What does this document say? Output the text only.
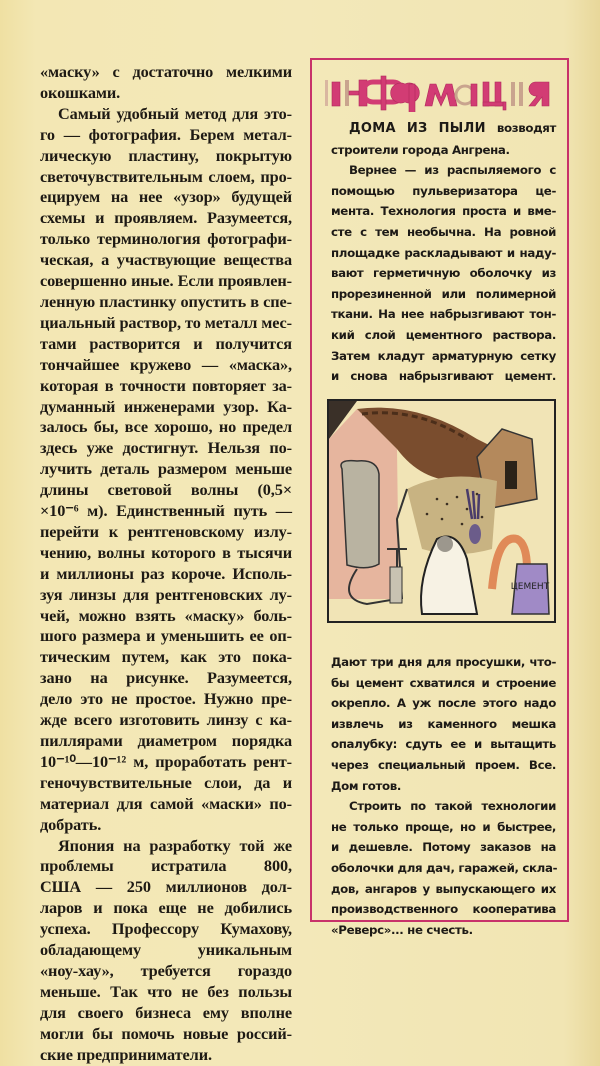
«маску» с достаточно мелкими
окошками.
Самый удобный метод для это-
го — фотография. Берем метал-
лическую пластину, покрытую
светочувствительным слоем, про-
ецируем на нее «узор» будущей
схемы и проявляем. Разумеется,
только терминология фотографи-
ческая, а участвующие вещества
совершенно иные. Если проявлен-
ленную пластинку опустить в спе-
циальный раствор, то металл мес-
тами растворится и получится
тончайшее кружево — «маска»,
которая в точности повторяет за-
думанный инженерами узор. Ка-
залось бы, все хорошо, но предел
здесь уже достигнут. Нельзя по-
лучить деталь размером меньше
длины световой волны (0,5×
×10⁻⁶ м). Единственный путь —
перейти к рентгеновскому излу-
чению, волны которого в тысячи
и миллионы раз короче. Исполь-
зуя линзы для рентгеновских лу-
чей, можно взять «маску» боль-
шого размера и уменьшить ее оп-
тическим путем, как это пока-
зано на рисунке. Разумеется,
дело это не простое. Нужно пре-
жде всего изготовить линзу с ка-
пиллярами диаметром порядка
10⁻¹⁰—10⁻¹² м, проработать рент-
геночувствительные слои, да и
материал для самой «маски» по-
добрать.
Япония на разработку той же
проблемы истратила 800,
США — 250 миллионов дол-
ларов и пока еще не добились
успеха. Профессору Кумахову,
обладающему уникальным
«ноу-хау», требуется гораздо
меньше. Так что не без пользы
для своего бизнеса ему вполне
могли бы помочь новые россий-
ские предприниматели.
ДОМА ИЗ ПЫЛИ возводят
строители города Ангрена.
Вернее — из распыляемого с
помощью пульверизатора це-
мента. Технология проста и вме-
сте с тем необычна. На ровной
площадке раскладывают и наду-
вают герметичную оболочку из
прорезиненной или полимерной
ткани. На нее набрызгивают тон-
кий слой цементного раствора.
Затем кладут арматурную сетку
и снова набрызгивают цемент.
ЦЕМЕНТ
Дают три дня для просушки, что-
бы цемент схватился и строение
окрепло. А уж после этого надо
извлечь из каменного мешка
опалубку: сдуть ее и вытащить
через специальный проем. Все.
Дом готов.
Строить по такой технологии
не только проще, но и быстрее,
и дешевле. Потому заказов на
оболочки для дач, гаражей, скла-
дов, ангаров у выпускающего их
производственного кооператива
«Реверс»... не счесть.
